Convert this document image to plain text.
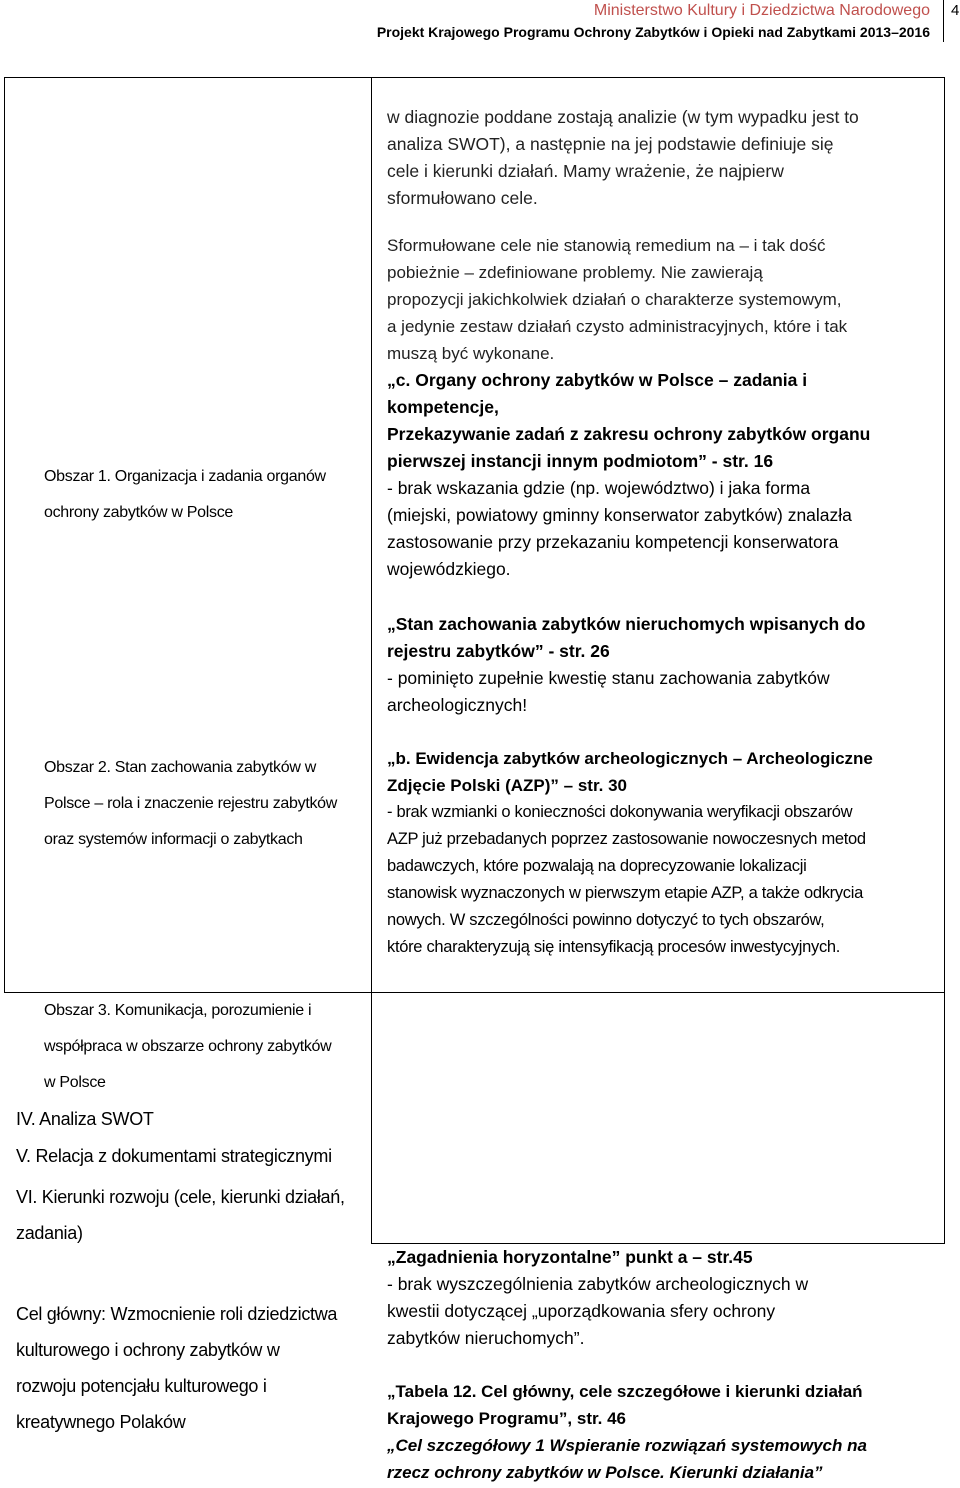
Ministerstwo Kultury i Dziedzictwa Narodowego
Projekt Krajowego Programu Ochrony Zabytków i Opieki nad Zabytkami 2013–2016
4

Obszar 1. Organizacja i zadania organów

ochrony zabytków w Polsce

Obszar 2. Stan zachowania zabytków w

Polsce – rola i znaczenie rejestru zabytków

oraz systemów informacji o zabytkach

Obszar 3. Komunikacja, porozumienie i

współpraca w obszarze ochrony zabytków

w Polsce

IV. Analiza SWOT
V. Relacja z dokumentami strategicznymi

VI. Kierunki rozwoju (cele, kierunki działań,

zadania)

Cel główny: Wzmocnienie roli dziedzictwa

kulturowego i ochrony zabytków w

rozwoju potencjału kulturowego i

kreatywnego Polaków

w diagnozie poddane zostają analizie (w tym wypadku jest to

analiza SWOT), a następnie na jej podstawie definiuje się

cele i kierunki działań. Mamy wrażenie, że najpierw

sformułowano cele.

Sformułowane cele nie stanowią remedium na – i tak dość

pobieżnie – zdefiniowane problemy. Nie zawierają

propozycji jakichkolwiek działań o charakterze systemowym,

a jedynie zestaw działań czysto administracyjnych, które i tak

muszą być wykonane.

„c. Organy ochrony zabytków w Polsce – zadania i

kompetencje,

Przekazywanie zadań z zakresu ochrony zabytków organu

pierwszej instancji innym podmiotom” - str. 16

- brak wskazania gdzie (np. województwo) i jaka forma

(miejski, powiatowy gminny konserwator zabytków) znalazła

zastosowanie przy przekazaniu kompetencji konserwatora

wojewódzkiego.

„Stan zachowania zabytków nieruchomych wpisanych do

rejestru zabytków” - str. 26

- pominięto zupełnie kwestię stanu zachowania zabytków

archeologicznych!

„b. Ewidencja zabytków archeologicznych – Archeologiczne

Zdjęcie Polski (AZP)” – str. 30

- brak wzmianki o konieczności dokonywania weryfikacji obszarów

AZP już przebadanych poprzez zastosowanie nowoczesnych metod

badawczych, które pozwalają na doprecyzowanie lokalizacji

stanowisk wyznaczonych w pierwszym etapie AZP, a także odkrycia

nowych. W szczególności powinno dotyczyć to tych obszarów,

które charakteryzują się intensyfikacją procesów inwestycyjnych.

„Zagadnienia horyzontalne” punkt a – str.45

- brak wyszczególnienia zabytków archeologicznych w

kwestii dotyczącej „uporządkowania sfery ochrony

zabytków nieruchomych”.

„Tabela 12. Cel główny, cele szczegółowe i kierunki działań

Krajowego Programu”, str. 46

„Cel szczegółowy 1 Wspieranie rozwiązań systemowych na

rzecz ochrony zabytków w Polsce. Kierunki działania”
